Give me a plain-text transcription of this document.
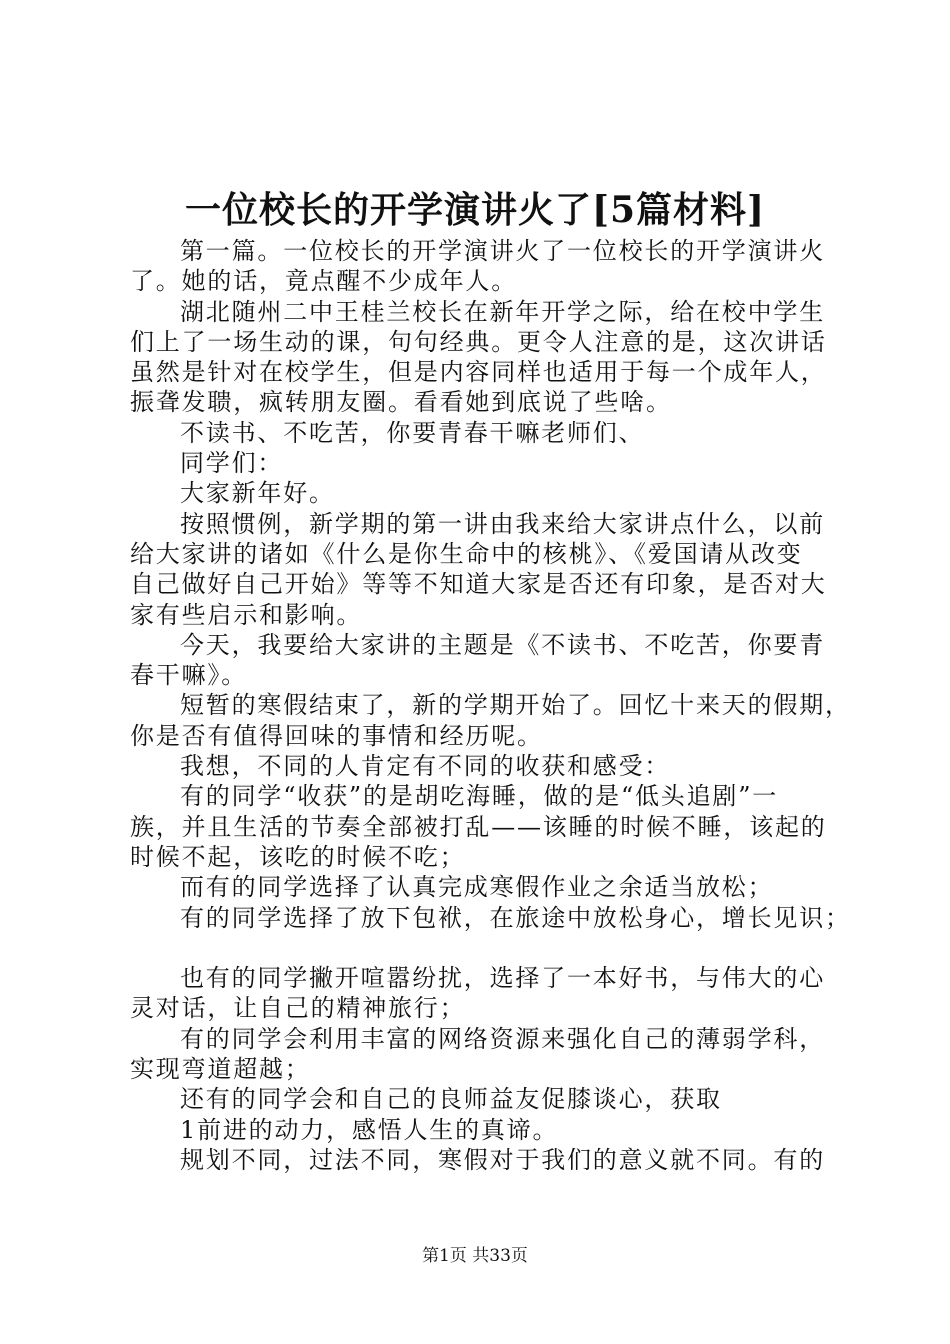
一位校长的开学演讲火了[5篇材料]
第一篇。一位校长的开学演讲火了一位校长的开学演讲火
了。她的话，竟点醒不少成年人。
湖北随州二中王桂兰校长在新年开学之际，给在校中学生
们上了一场生动的课，句句经典。更令人注意的是，这次讲话
虽然是针对在校学生，但是内容同样也适用于每一个成年人，
振聋发聩，疯转朋友圈。看看她到底说了些啥。
不读书、不吃苦，你要青春干嘛老师们、
同学们：
大家新年好。
按照惯例，新学期的第一讲由我来给大家讲点什么，以前
给大家讲的诸如《什么是你生命中的核桃》、《爱国请从改变
自己做好自己开始》等等不知道大家是否还有印象，是否对大
家有些启示和影响。
今天，我要给大家讲的主题是《不读书、不吃苦，你要青
春干嘛》。
短暂的寒假结束了，新的学期开始了。回忆十来天的假期，
你是否有值得回味的事情和经历呢。
我想，不同的人肯定有不同的收获和感受：
有的同学“收获”的是胡吃海睡，做的是“低头追剧”一
族，并且生活的节奏全部被打乱——该睡的时候不睡，该起的
时候不起，该吃的时候不吃；
而有的同学选择了认真完成寒假作业之余适当放松；
有的同学选择了放下包袱，在旅途中放松身心，增长见识；
也有的同学撇开喧嚣纷扰，选择了一本好书，与伟大的心
灵对话，让自己的精神旅行；
有的同学会利用丰富的网络资源来强化自己的薄弱学科，
实现弯道超越；
还有的同学会和自己的良师益友促膝谈心，获取
1前进的动力，感悟人生的真谛。
规划不同，过法不同，寒假对于我们的意义就不同。有的
第1页 共33页
